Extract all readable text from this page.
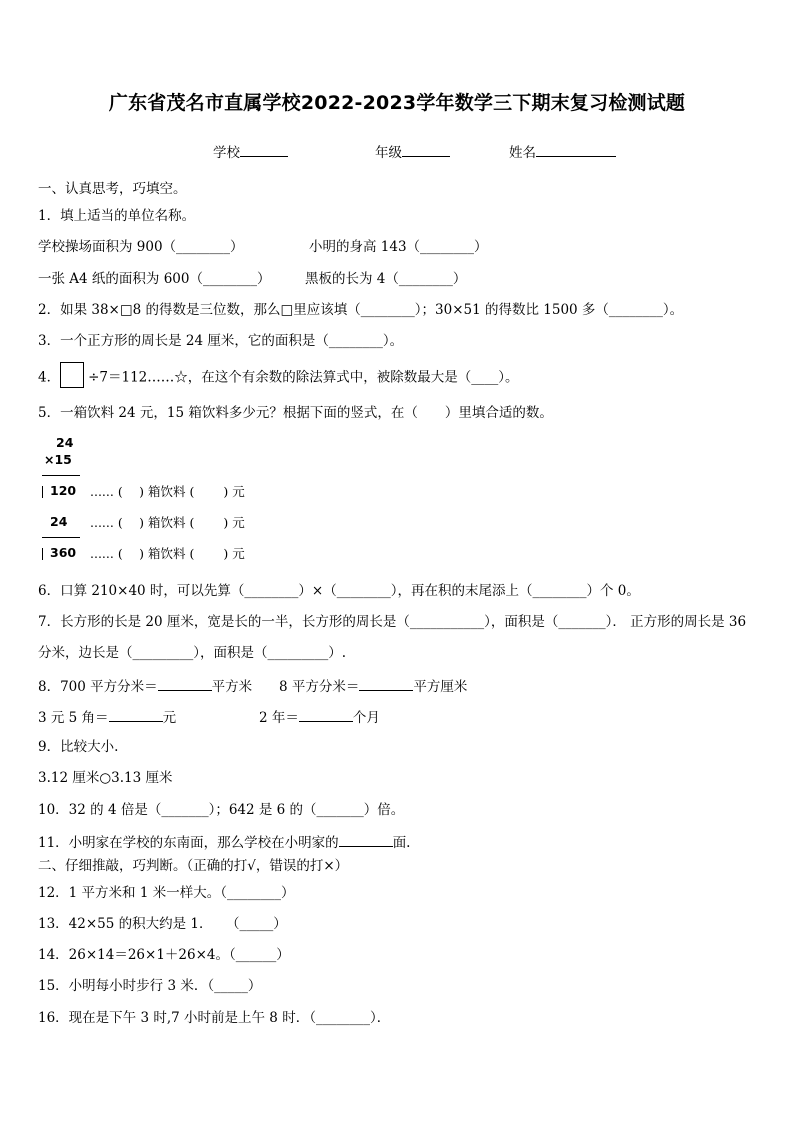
广东省茂名市直属学校2022-2023学年数学三下期末复习检测试题
学校	年级	姓名
一、认真思考，巧填空。
1．填上适当的单位名称。
学校操场面积为 900（________）	小明的身高 143（________）
一张 A4 纸的面积为 600（________）	黑板的长为 4（________）
2．如果 38×□8 的得数是三位数，那么□里应该填（________）；30×51 的得数比 1500 多（________）。
3．一个正方形的周长是 24 厘米，它的面积是（________）。
4． ÷7＝112……☆，在这个有余数的除法算式中，被除数最大是（____）。
5．一箱饮料 24 元，15 箱饮料多少元？根据下面的竖式，在（　　）里填合适的数。
24
×15
120 ...... (　 ) 箱饮料 (　　 ) 元
24 ...... (　 ) 箱饮料 (　　 ) 元
360 ...... (　 ) 箱饮料 (　　 ) 元
6．口算 210×40 时，可以先算（________）×（________），再在积的末尾添上（________）个 0。
7．长方形的长是 20 厘米，宽是长的一半，长方形的周长是（___________），面积是（_______）． 正方形的周长是 36
分米，边长是（_________），面积是（_________）.
8．700 平方分米＝	平方米 8 平方分米＝	平方厘米
3 元 5 角＝	元	2 年＝	个月
9．比较大小.
3.12 厘米○3.13 厘米
10．32 的 4 倍是（_______）；642 是 6 的（_______）倍。
11．小明家在学校的东南面，那么学校在小明家的	面.
二、仔细推敲，巧判断。（正确的打√，错误的打×）
12．1 平方米和 1 米一样大。（________）
13．42×55 的积大约是 1．　　（_____）
14．26×14＝26×1＋26×4。（______）
15．小明每小时步行 3 米．（_____）
16．现在是下午 3 时,7 小时前是上午 8 时．（________）．
